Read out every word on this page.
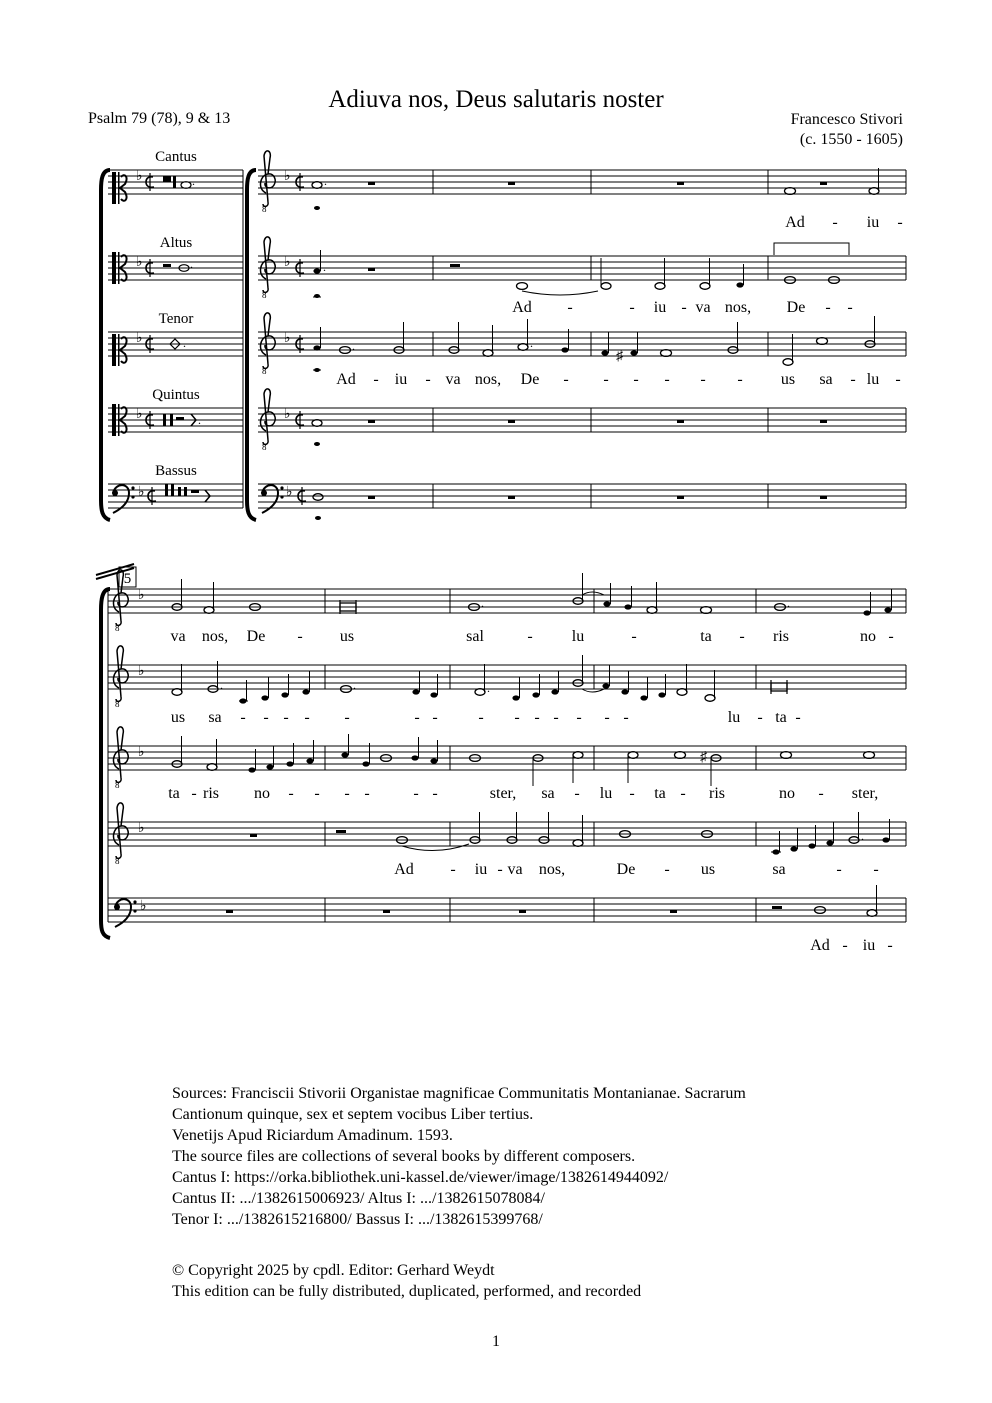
Adiuva nos, Deus salutaris noster
Psalm 79 (78), 9 & 13	Francesco Stivori
(c. 1550 - 1605)
8
Cantus
Altus
Tenor
Quintus
Bassus
♭	.
♭	.
♭	.
♭	.
♭
♭
♭
♭
♭
♭
.
.
.	.
♯
Ad - iu -
Ad -	- iu - va nos, De - -
Ad - iu - va nos, De - - - - - - us sa - lu -
5
♭
♭
♭
♭
♭
.	.
.	.	.
♯
.
va nos, De - us	sal	- lu	-	ta - ris	no -
us sa - - - - -	- -	- - - - - - -	lu - ta -
ta - ris no - - - -	- -	ster, sa - lu - ta - ris	no - ster,
Ad - iu - va nos,	De - us	sa	- -
Ad - iu -
Sources: Franciscii Stivorii Organistae magnificae Communitatis Montanianae. Sacrarum
Cantionum quinque, sex et septem vocibus Liber tertius.
Venetijs Apud Riciardum Amadinum. 1593.
The source files are collections of several books by different composers.
Cantus I: https://orka.bibliothek.uni-kassel.de/viewer/image/1382614944092/
Cantus II: .../1382615006923/ Altus I: .../1382615078084/
Tenor I: .../1382615216800/ Bassus I: .../1382615399768/
© Copyright 2025 by cpdl. Editor: Gerhard Weydt
This edition can be fully distributed, duplicated, performed, and recorded
1
